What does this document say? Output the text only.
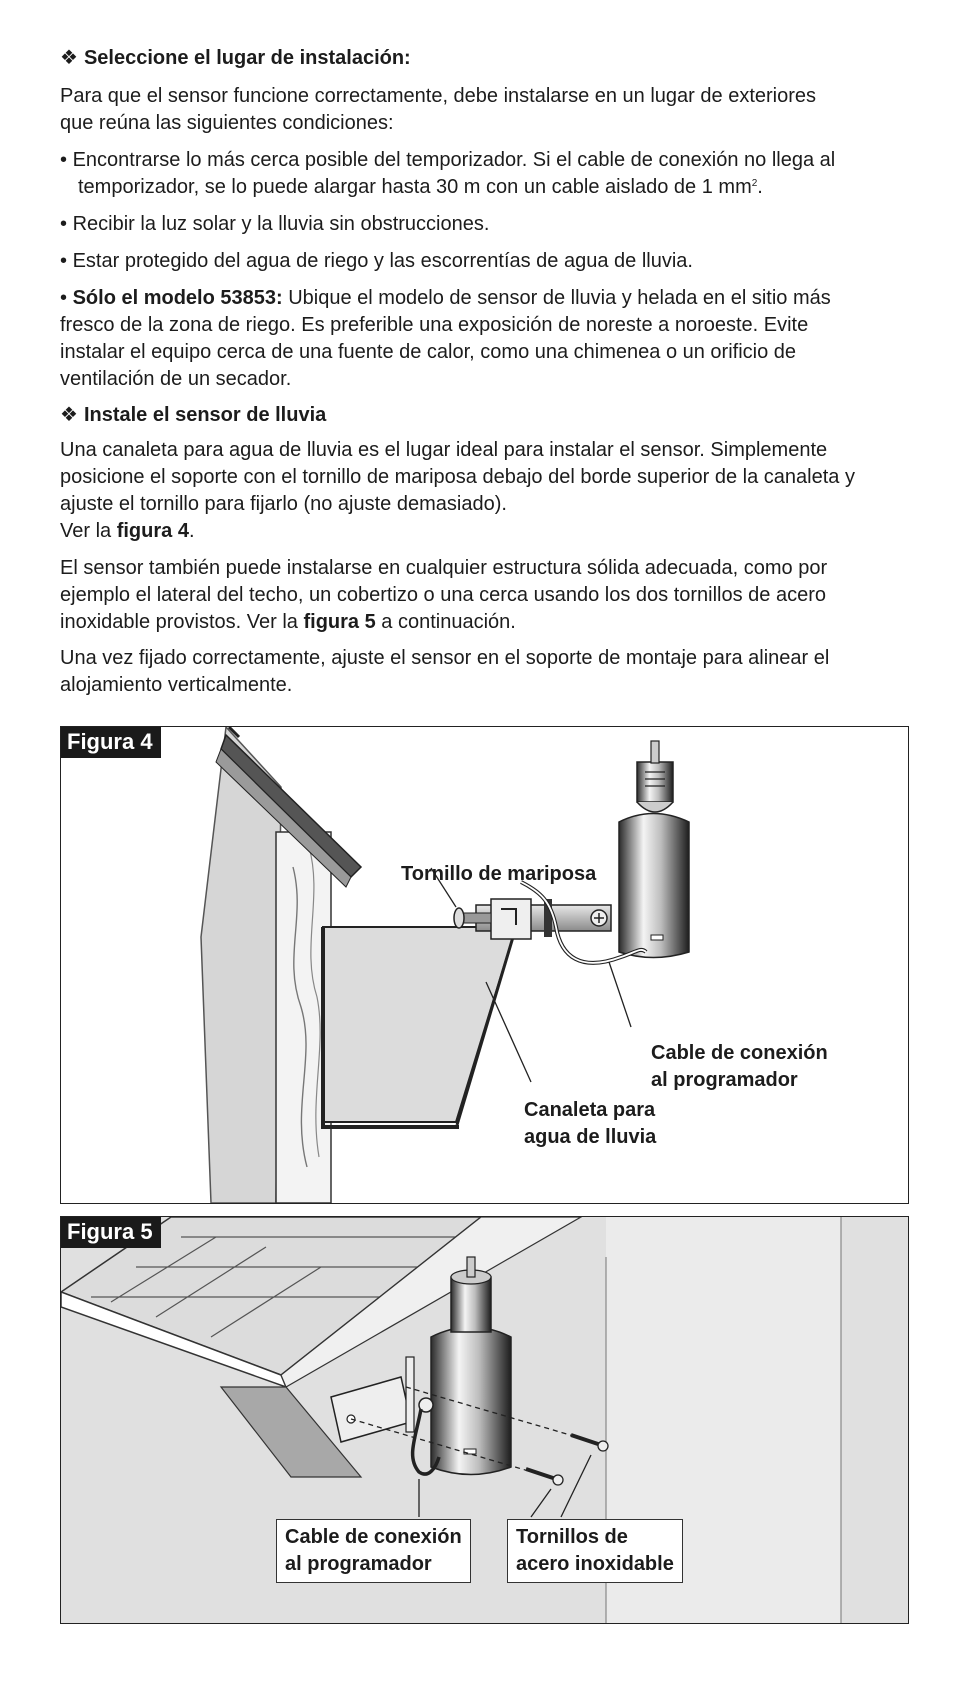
❖ Seleccione el lugar de instalación:

Para que el sensor funcione correctamente, debe instalarse en un lugar de exteriores
que reúna las siguientes condiciones:

• Encontrarse lo más cerca posible del temporizador. Si el cable de conexión no llega al
temporizador, se lo puede alargar hasta 30 m con un cable aislado de 1 $mm^2$.

• Recibir la luz solar y la lluvia sin obstrucciones.

• Estar protegido del agua de riego y las escorrentías de agua de lluvia.

• Sólo el modelo 53853: Ubique el modelo de sensor de lluvia y helada en el sitio más
fresco de la zona de riego. Es preferible una exposición de noreste a noroeste. Evite
instalar el equipo cerca de una fuente de calor, como una chimenea o un orificio de
ventilación de un secador.

❖ Instale el sensor de lluvia

Una canaleta para agua de lluvia es el lugar ideal para instalar el sensor. Simplemente
posicione el soporte con el tornillo de mariposa debajo del borde superior de la canaleta y
ajuste el tornillo para fijarlo (no ajuste demasiado).
Ver la figura 4.

El sensor también puede instalarse en cualquier estructura sólida adecuada, como por
ejemplo el lateral del techo, un cobertizo o una cerca usando los dos tornillos de acero
inoxidable provistos. Ver la figura 5 a continuación.

Una vez fijado correctamente, ajuste el sensor en el soporte de montaje para alinear el
alojamiento verticalmente.

Figura 4
Tornillo de mariposa
Cable de conexión
al programador
Canaleta para
agua de lluvia
Figura 5
Cable de conexión
al programador
Tornillos de
acero inoxidable
